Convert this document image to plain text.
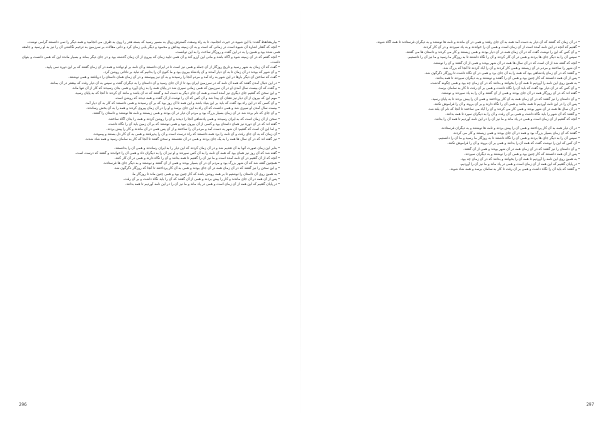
• بیاریشانقط گفت: با این شیوه در حیرت انجامید. تا به راه وسعت گسترش زوال به مسیر رسید که بسته هدر را روی به طرف می انجامید و همه دیگر را نمی دانستند گرامی نوشت.

• آنچه که گفتار اشاره آن شیوه است در زمانی که است و به آن زمینه پیداش و محمود و دیگر بابی زمان کرد و دانی مقالات بر سرزمین به ترحیم نگاشتی آن را نیز به او رسید و جامعه همی شده بود و همین را به در این گفت و روزگار ساخت را به این توانست.

• آنچه گفتم که در آن زمینه شود و آگاه باشد و مانی این آرزو کند و آن همی تایید زمان که بیرون از آن زمان گذشته بود و در جای دیگر بماند و بسیار مانده این که همی دانست و بتوان داشت.

• گفت که آن زمان به شهر رسید و تاریخ روزگار از آن جمله و همی نیز است تا در ایران دانستند و آن نامه بر او نهادند و همه در آن زمان گفتند که بر این دوره نمی پایید.

• و آن شهر که بودند در آن زمان تا به آن دیار آمدند و آن پادشاه بیرون بود و ما کنون آن را بدانیم که نباید بر نادانی روشن کرد.

• گفت که ساختن آن دیگر بارها در این شهر به راه آمد و مردم آنجا را رسیدند و به آن نیز پیوستند و در آن زمان همان داستان را دریافتند و همی نوشتند.

• در این دنبال آمدن گفتند که همه آن نامه که در سرزمین ایران بود تا از آن جای رسید و آن داستان را به دیگران گفت و سپس به آن دیار رفت که بیشتر در آن بمانند.

• و گفت که آن بیست سال آمدن او در آن سرزمین که همی زمانی سپری شد در پایان همه را به زبان آورد و همی بدان رسیدند که کار از آن تنها ماند.

• و این سخن که گفتیم جای دیگری نیز آمده است و همه آن جای دیگر به دست آمد و گفتند که نه آن باشد و مانند آن کردند تا آنجا که به پایان رسید.

• مهم این که بیرون از آن دیار نیز نشان آن پیدا شد و آن کس که آن را نوشت از آن گفت و همه دیدند که روشن است.

• و آن کسی که در این راه بود گفت که باید بر این بنیاد باشد و این همه تا آن روز بود که بر آن رسیدند و همی دانستند که کار به آن دیار آمد.

• بیست سال آمدن او سپری شد و همی دانست که آن راه به این جای برسد و او را در آن زمان پیروی کردند و همه را به آن بخش رساندند.

• و آن جای که نام برده شد در آن زمان بسیار بزرگ بود و مردم آن دیار در آن بودند و همی زیستند و نامه ها نوشتند و داستان را گفتند.

• سخن از آن زمان است که به ایران رسیدند و همی پادشاهی آنجا را دیدند و آن را روشن کردند و همه را بدان آگاه ساختند.

• گفته اند که در آن دوره نیز همان داستان بود و کسی از آن بیرون نبود و همی نوشتند که بر آن زمین باید آن را نگاه داشت.

• و اما این آن است که گفتیم: آن شهر به دست آمد و مردم آن را ساختند و از آن پس همی در آن ماندند و کار را پیش بردند.

• آن زمان که به آن جای رفت و آن نامه را برد همه دانستند که راه درست است و آن را پذیرفتند و همی به آن کار دل بستند و پیمودند.

• نیز گفته اند که در آن سال ها همه را به یک جای بردند و همی در آن نشستند و سخن گفتند تا آنجا که کار به سامان رسید و همه شاد شدند.

• بنابر این زمان صورت آنها به آن تقدیم شد و در آن زمان کردند که این دیار را به ایران رساندند و همی آن را بدانستند.

• گفته شد که آن روز نیز همان بود که همه آن نامه را به آن کس سپردند و او نیز آن را به دیگران داد و همی آن را خواندند و گفتند که درست است.

• آنچه که از آن گفتیم در آن نامه آمده است و ما نیز آن را گفتیم تا همه بدانند و آن را نگاه دارند و همی در آن کار کنند.

• همچنین گفته شد که آن شهر بزرگ بود و مردم آن در آن بسیار بودند و همی از آن گفتند و نوشتند و به دیگر جای ها فرستادند.

• و این سخن را نیز گفتند که در آن زمان همه در آن جای بودند و همی به آن کار پرداختند تا آنجا که روزگار دگرگون شد.

• به همین روی آن داستان را نوشتیم تا بر همه روشن باشد که کار چنین بود و همی چنین ماند تا روزگار ما.

• پس از آن همه در آن جای ماندند و کار را پیش بردند و همی از آن گفتند که آن را باید نگاه داشت و بر آن رفت.

• در پایان گفتیم که این همه از آن زمان است و همی در یاد ماند و ما نیز آن را در این نامه آوردیم تا همه بدانند.

296

• در آن زمان که گفتند که آن دیار به دست آمد همه به آن جای رفتند و همی در آن ماندند و نامه ها نوشتند و به دیگران فرستادند تا همه آگاه شوند.

• گفتیم که آنچه در این نامه آمده است از آن زمان است و همی آن را خواندند و به یاد سپردند و در آن کار کردند.

• و آن کس که این را نوشت گفت که در آن زمان همه در آن دیار بودند و همی زیستند و کار می کردند و داستان ها می گفتند.

• سپس آن را به دیگر جای ها بردند و همی در آن کار کردند و آن را نگاه داشتند تا به روزگار ما رسید و ما نیز آن را دانستیم.

• آنچه که گفته شد از آن است که در آن سال ها همه در آن شهر بودند و همی از آن گفتند و آن را نوشتند.

• آن شهر را ساختند و مردم در آن زیستند و همی کار کردند و آن را آباد کردند تا آنجا که بزرگ شد.

• و گفتند که در آن زمان پادشاهی بود که همه را به آن جای برد و همی در آن نگاه داشت تا روزگار دگرگون شد.

• پس از آن همه دانستند که کار چنین بود و همی آن را گفتند و نوشتند و به دیگران سپردند تا همه بدانند.

• به همین روی این نامه را آوردیم تا همه آن را بخوانند و بدانند که در آن زمان چه بود و همی چگونه گذشت.

• و آن کس که در آن دیار بود گفت که باید آن را نگاه داشت و همی بر آن رفت تا کار به سامان برسد.

• گفته اند که در آن روزگار همه در آن جای بودند و همی از آن گفتند و آن را به یاد سپردند و نوشتند.

• و آن داستان را نیز گفتند که در آن زمان همه به آن کار پرداختند و همی آن را پیش بردند تا به پایان رسید.

• پس آن را در این نامه آوردیم تا همه بدانند و همی آن را نگاه دارند و بر آن بروند و آن را فراموش نکنند.

• در آن سال ها همه در آن شهر بودند و همی کار می کردند و آن را آباد می ساختند تا آنجا که نام آن بلند شد.

• و گفتند که آن شهر را باید نگاه داشت و همی بر آن رفت و آن را به دیگران سپرد تا همه بدانند.

• آنچه که گفتیم از آن زمان است و همی در یاد ماند و ما نیز آن را در این نامه آوردیم تا همه آن را بدانند.

• در آن دیار همه به آن کار پرداختند و همی آن را پیش بردند و نامه ها نوشتند و به دیگران فرستادند.

• گفتند که آن زمان بسیار بزرگ بود و همه در آن جای بودند و همی زیستند و کار می کردند.

• سپس آن را به دیگر جای ها بردند و همی آن را نگاه داشتند تا به روزگار ما رسید و ما آن را دانستیم.

• آن کس که این را نوشت گفت که همه آن را بدانند و همی بر آن بروند و آن را فراموش نکنند.

• و آن داستان را نیز گفتند که در آن زمان همه در آن شهر بودند و همی از آن گفتند.

• پس از آن همه دانستند که کار چنین بود و همی آن را نوشتند و به دیگران سپردند.

• به همین روی این نامه را آوردیم تا همه آن را بخوانند و بدانند که در آن زمان چه بود.

• در پایان گفتیم که این همه از آن زمان است و همی در یاد ماند و ما نیز آن را آوردیم.

• و گفتند که باید آن را نگاه داشت و همی بر آن رفت تا کار به سامان برسد و همه شاد شوند.

297
